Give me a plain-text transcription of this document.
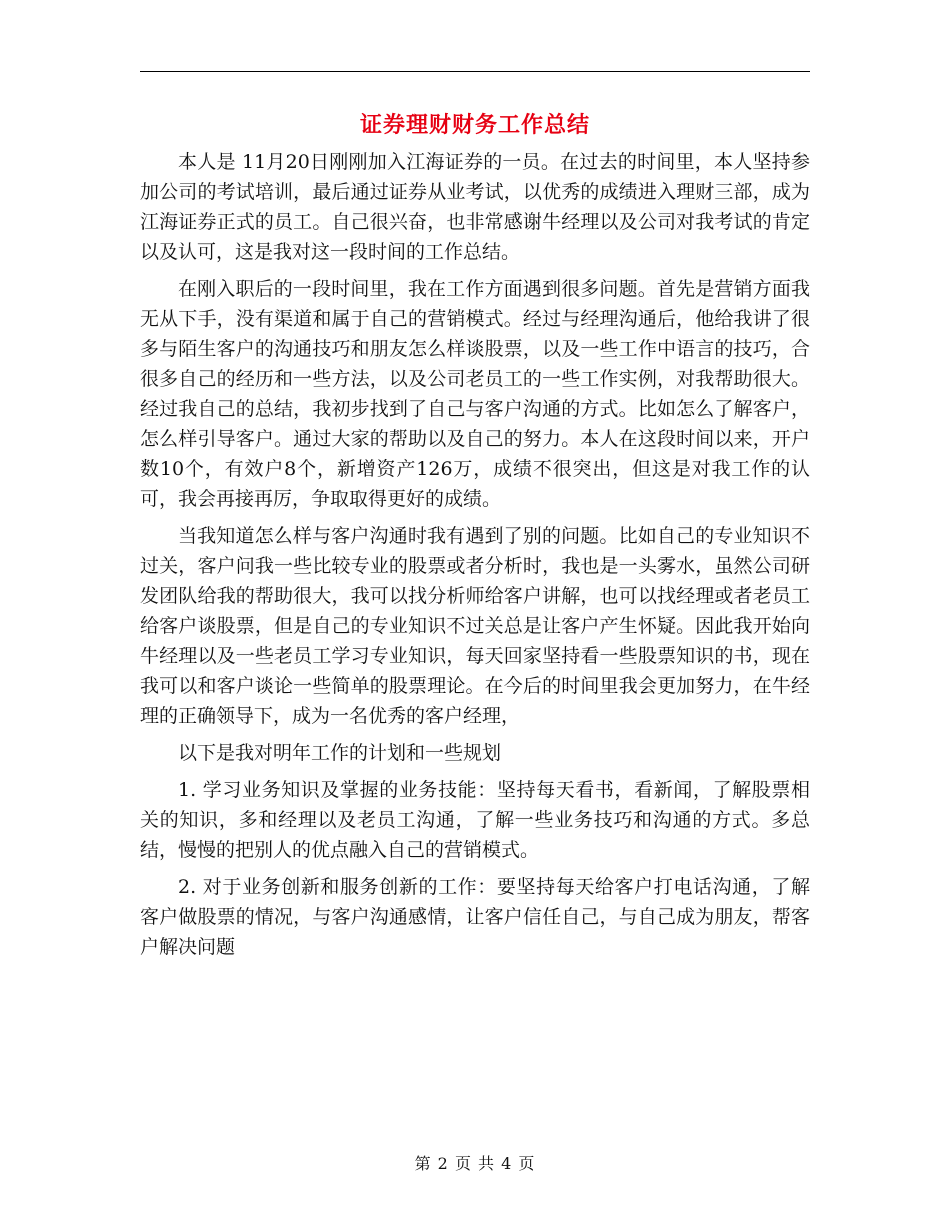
证券理财财务工作总结

本人是 11月20日刚刚加入江海证券的一员。在过去的时间里，本人坚持参加公司的考试培训，最后通过证券从业考试，以优秀的成绩进入理财三部，成为江海证券正式的员工。自己很兴奋，也非常感谢牛经理以及公司对我考试的肯定以及认可，这是我对这一段时间的工作总结。

在刚入职后的一段时间里，我在工作方面遇到很多问题。首先是营销方面我无从下手，没有渠道和属于自己的营销模式。经过与经理沟通后，他给我讲了很多与陌生客户的沟通技巧和朋友怎么样谈股票，以及一些工作中语言的技巧，合很多自己的经历和一些方法，以及公司老员工的一些工作实例，对我帮助很大。经过我自己的总结，我初步找到了自己与客户沟通的方式。比如怎么了解客户，怎么样引导客户。通过大家的帮助以及自己的努力。本人在这段时间以来，开户数10个，有效户8个，新增资产126万，成绩不很突出，但这是对我工作的认可，我会再接再厉，争取取得更好的成绩。

当我知道怎么样与客户沟通时我有遇到了别的问题。比如自己的专业知识不过关，客户问我一些比较专业的股票或者分析时，我也是一头雾水，虽然公司研发团队给我的帮助很大，我可以找分析师给客户讲解，也可以找经理或者老员工给客户谈股票，但是自己的专业知识不过关总是让客户产生怀疑。因此我开始向牛经理以及一些老员工学习专业知识，每天回家坚持看一些股票知识的书，现在我可以和客户谈论一些简单的股票理论。在今后的时间里我会更加努力，在牛经理的正确领导下，成为一名优秀的客户经理，

以下是我对明年工作的计划和一些规划

1. 学习业务知识及掌握的业务技能：坚持每天看书，看新闻，了解股票相关的知识，多和经理以及老员工沟通，了解一些业务技巧和沟通的方式。多总结，慢慢的把别人的优点融入自己的营销模式。

2. 对于业务创新和服务创新的工作：要坚持每天给客户打电话沟通，了解客户做股票的情况，与客户沟通感情，让客户信任自己，与自己成为朋友，帮客户解决问题

第 2 页 共 4 页
